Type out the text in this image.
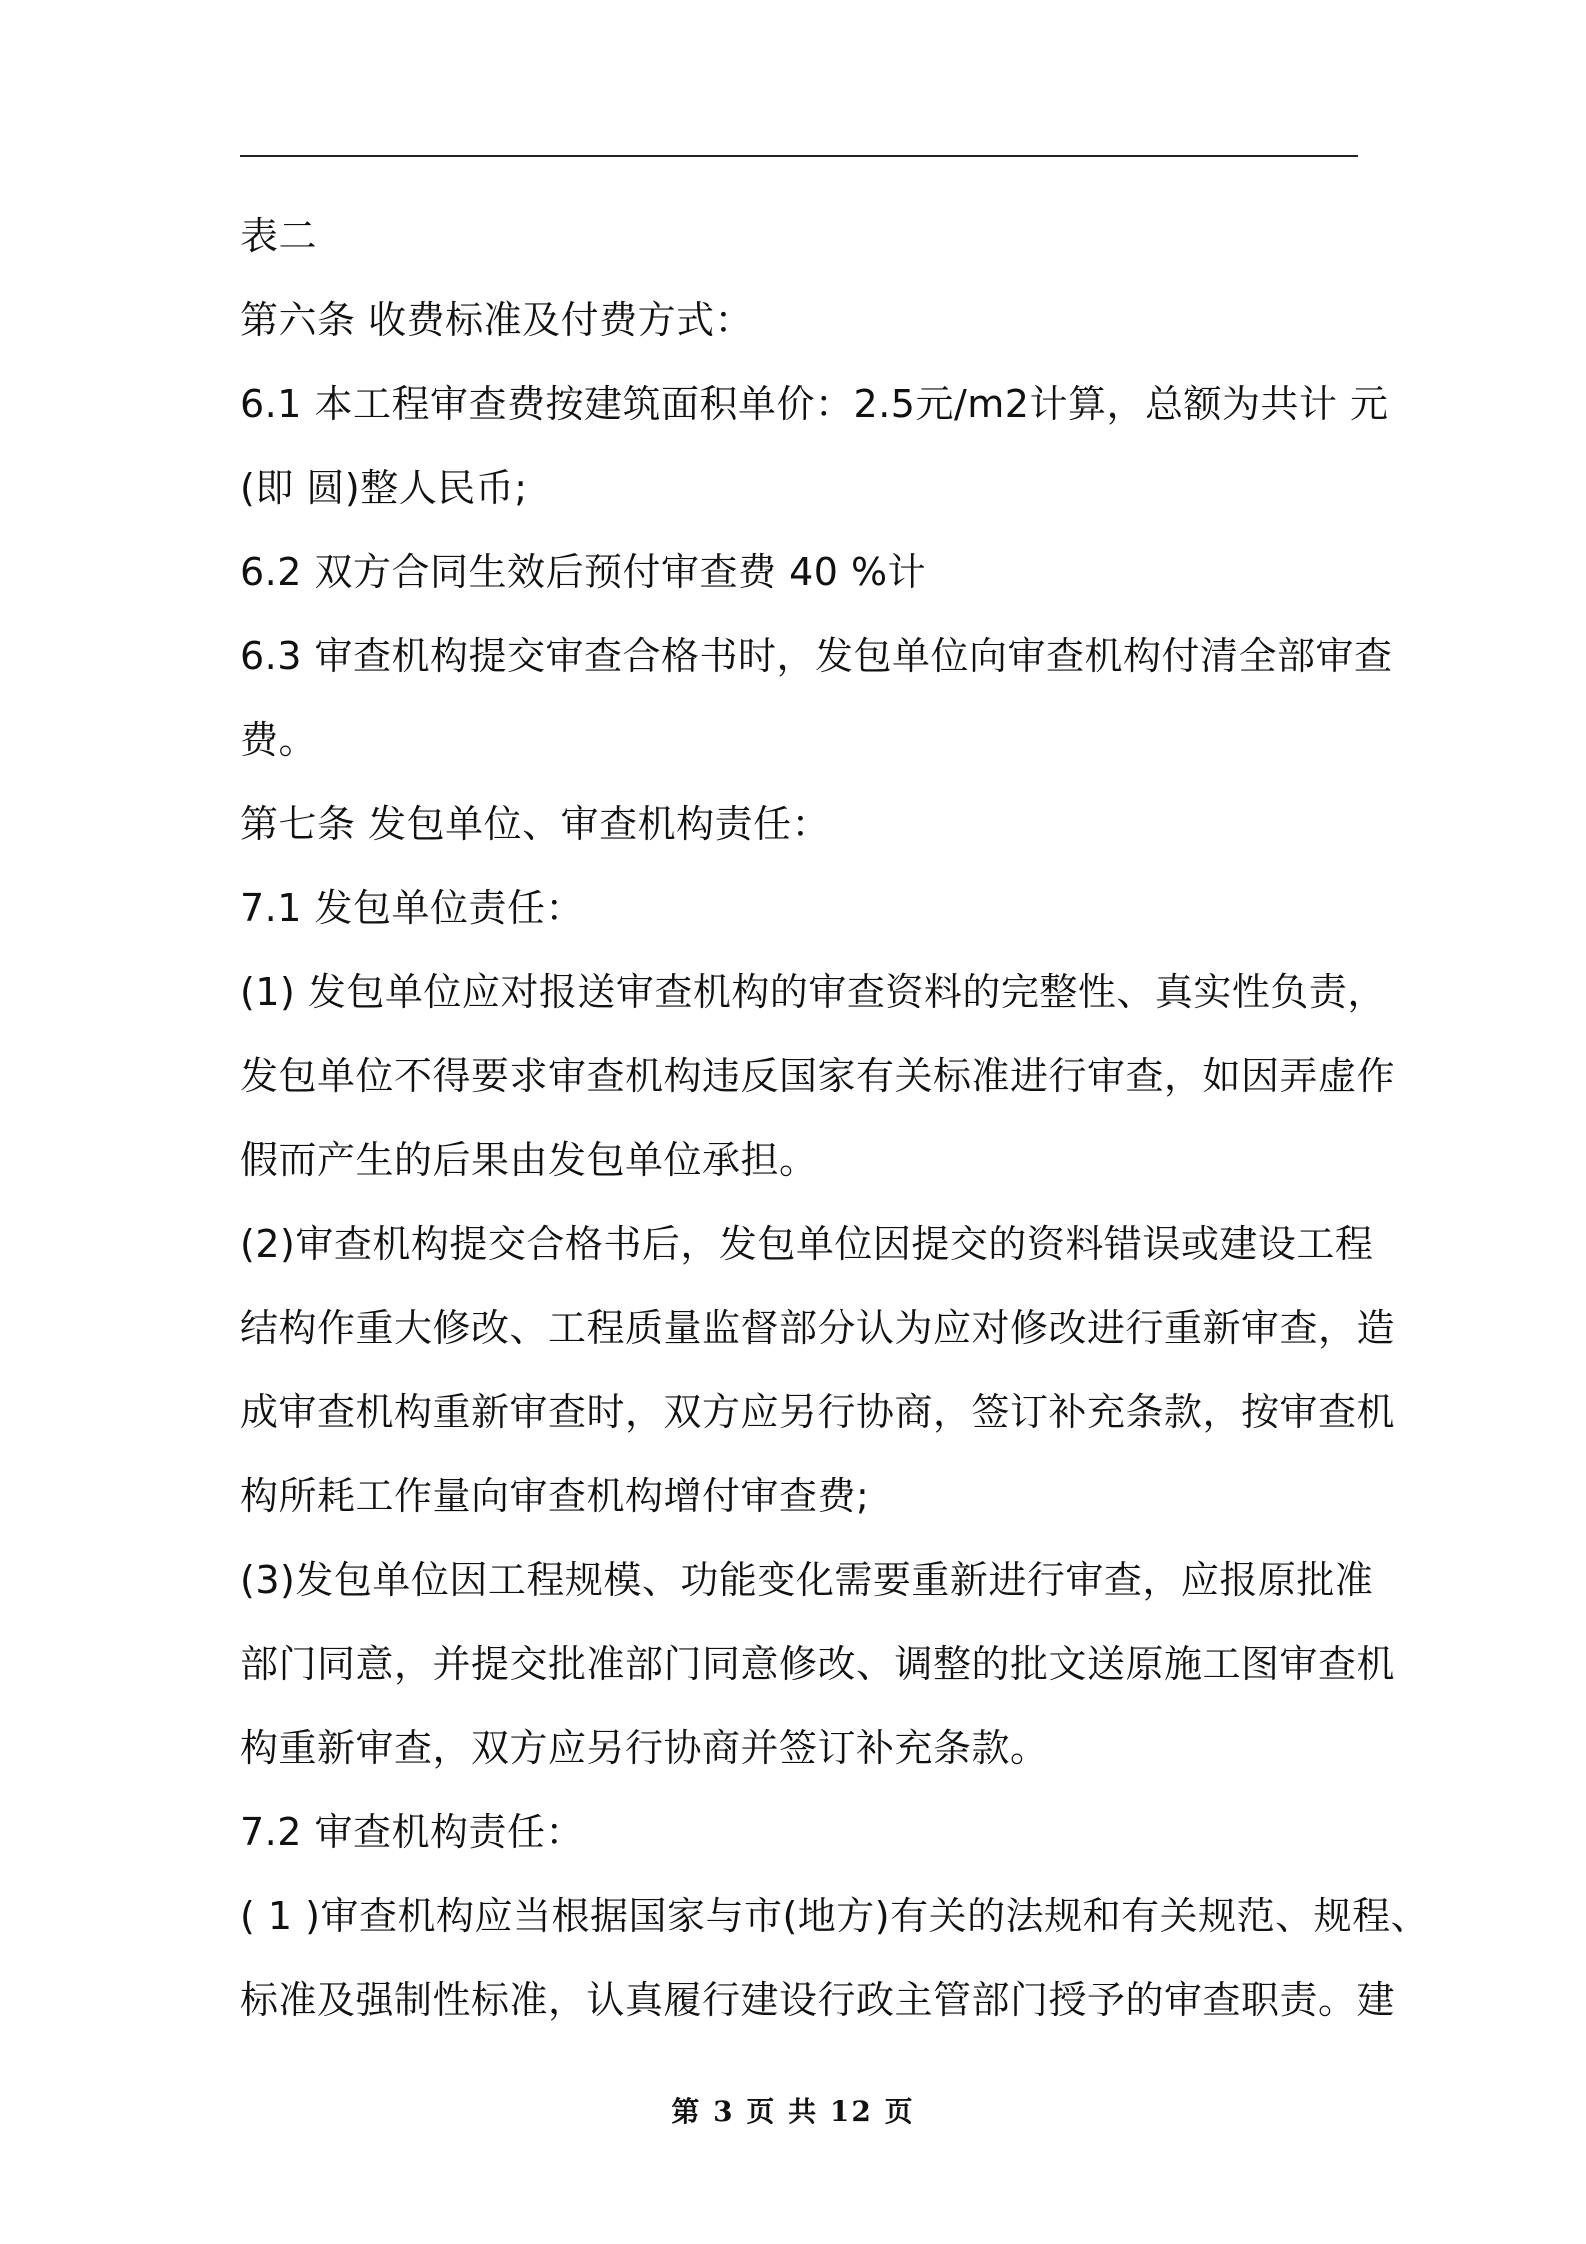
表二
第六条 收费标准及付费方式：
6.1 本工程审查费按建筑面积单价：2.5元/m2计算，总额为共计 元
(即 圆)整人民币;
6.2 双方合同生效后预付审查费 40 %计
6.3 审查机构提交审查合格书时，发包单位向审查机构付清全部审查
费。
第七条 发包单位、审查机构责任：
7.1 发包单位责任：
(1) 发包单位应对报送审查机构的审查资料的完整性、真实性负责，
发包单位不得要求审查机构违反国家有关标准进行审查，如因弄虚作
假而产生的后果由发包单位承担。
(2)审查机构提交合格书后，发包单位因提交的资料错误或建设工程
结构作重大修改、工程质量监督部分认为应对修改进行重新审查，造
成审查机构重新审查时，双方应另行协商，签订补充条款，按审查机
构所耗工作量向审查机构增付审查费;
(3)发包单位因工程规模、功能变化需要重新进行审查，应报原批准
部门同意，并提交批准部门同意修改、调整的批文送原施工图审查机
构重新审查，双方应另行协商并签订补充条款。
7.2 审查机构责任：
( 1 )审查机构应当根据国家与市(地方)有关的法规和有关规范、规程、
标准及强制性标准，认真履行建设行政主管部门授予的审查职责。建
第 3 页 共 12 页
